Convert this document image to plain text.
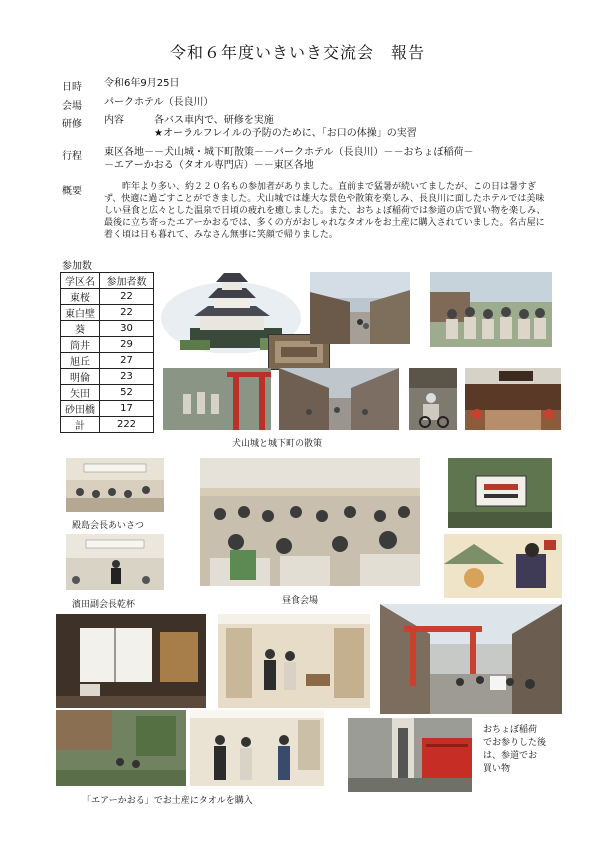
令和６年度いきいき交流会　報告
日時 令和6年9月25日
会場 パークホテル（長良川）
研修 内容	各バス車内で、研修を実施
★オーラルフレイルの予防のために、「お口の体操」の実習
行程 東区各地－－犬山城・城下町散策－－パークホテル（長良川）－－おちょぼ稲荷－
－エアーかおる（タオル専門店）－－東区各地
概要	昨年より多い、約２２０名もの参加者がありました。直前まで猛暑が続いてましたが、この日は暑すぎず、快適に過ごすことができました。犬山城では雄大な景色や散策を楽しみ、長良川に面したホテルでは美味しい昼食と広々とした温泉で日頃の疲れを癒しました。また、おちょぼ稲荷では参道の店で買い物を楽しみ、最後に立ち寄ったエアーかおるでは、多くの方がおしゃれなタオルをお土産に購入されていました。名古屋に着く頃は日も暮れて、みなさん無事に笑顔で帰りました。
参加数
学区名	参加者数
東桜	22
東白壁	22
葵	30
筒井	29
旭丘	27
明倫	23
矢田	52
砂田橋	17
計	222
犬山城と城下町の散策
殿島会長あいさつ
濱田副会長乾杯	昼食会場
「エアーかおる」でお土産にタオルを購入
おちょぼ稲荷
でお参りした後
は、参道でお
買い物
